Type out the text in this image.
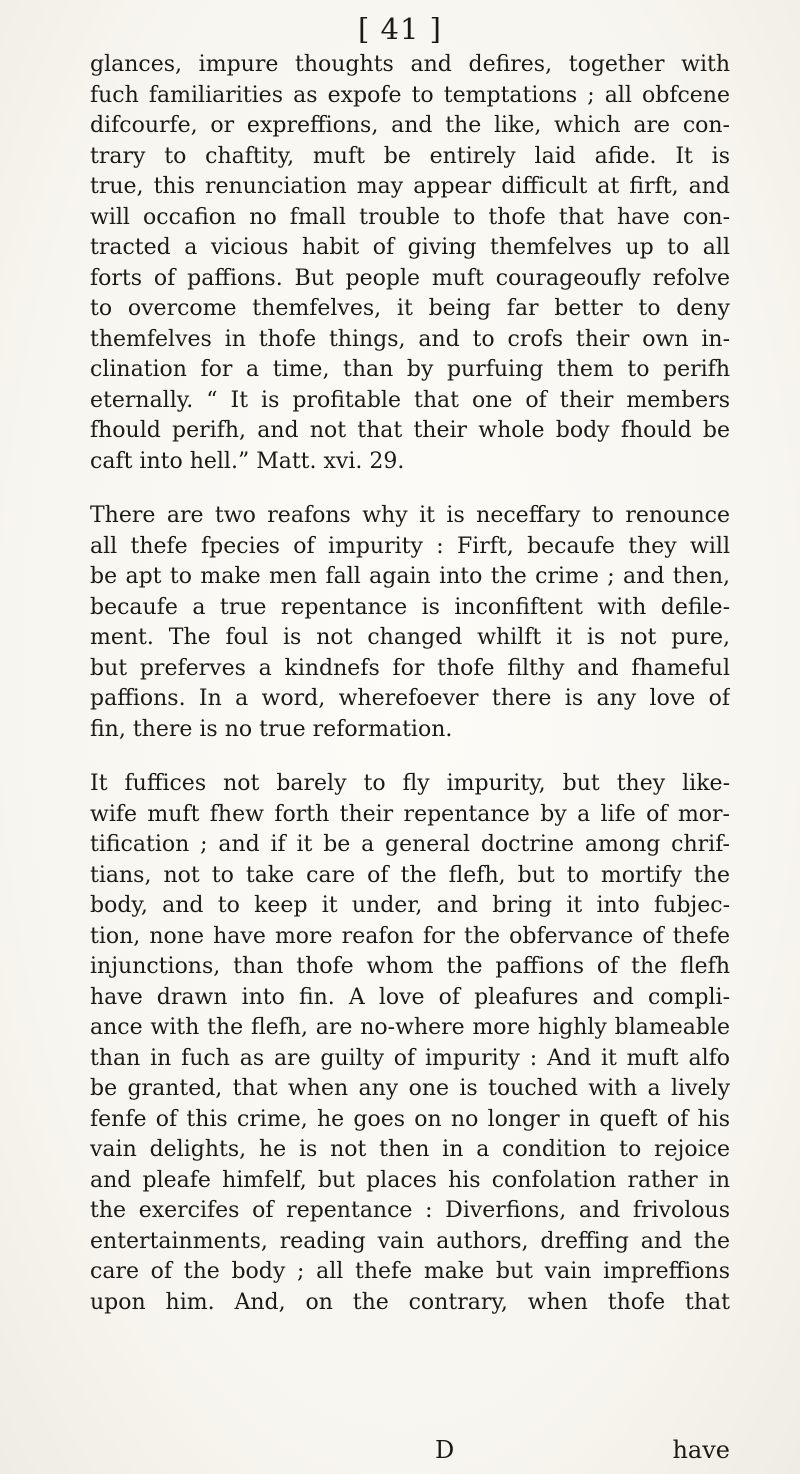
[ 41 ]
glances, impure thoughts and defires, together with
fuch familiarities as expofe to temptations ; all obfcene
difcourfe, or expreffions, and the like, which are con-
trary to chaftity, muft be entirely laid afide. It is
true, this renunciation may appear difficult at firft, and
will occafion no fmall trouble to thofe that have con-
tracted a vicious habit of giving themfelves up to all
forts of paffions. But people muft courageoufly refolve
to overcome themfelves, it being far better to deny
themfelves in thofe things, and to crofs their own in-
clination for a time, than by purfuing them to perifh
eternally. “ It is profitable that one of their members
fhould perifh, and not that their whole body fhould be
caft into hell.” Matt. xvi. 29.
There are two reafons why it is neceffary to renounce
all thefe fpecies of impurity : Firft, becaufe they will
be apt to make men fall again into the crime ; and then,
becaufe a true repentance is inconfiftent with defile-
ment. The foul is not changed whilft it is not pure,
but preferves a kindnefs for thofe filthy and fhameful
paffions. In a word, wherefoever there is any love of
fin, there is no true reformation.
It fuffices not barely to fly impurity, but they like-
wife muft fhew forth their repentance by a life of mor-
tification ; and if it be a general doctrine among chrif-
tians, not to take care of the flefh, but to mortify the
body, and to keep it under, and bring it into fubjec-
tion, none have more reafon for the obfervance of thefe
injunctions, than thofe whom the paffions of the flefh
have drawn into fin. A love of pleafures and compli-
ance with the flefh, are no-where more highly blameable
than in fuch as are guilty of impurity : And it muft alfo
be granted, that when any one is touched with a lively
fenfe of this crime, he goes on no longer in queft of his
vain delights, he is not then in a condition to rejoice
and pleafe himfelf, but places his confolation rather in
the exercifes of repentance : Diverfions, and frivolous
entertainments, reading vain authors, dreffing and the
care of the body ; all thefe make but vain impreffions
upon him. And, on the contrary, when thofe that
D	have
